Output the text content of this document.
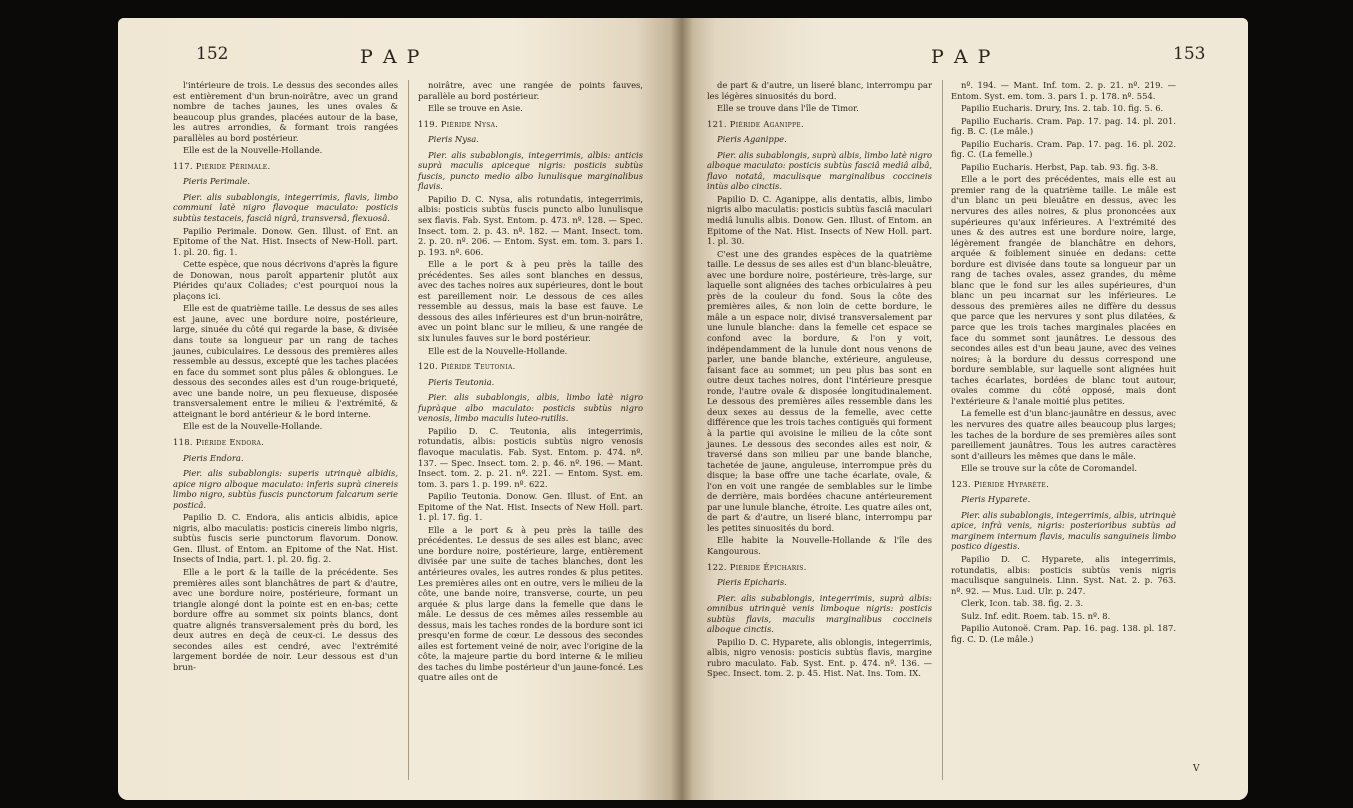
152	P A P

l'intérieure de trois. Le dessus des secondes ailes est entièrement d'un brun-noirâtre, avec un grand nombre de taches jaunes, les unes ovales & beaucoup plus grandes, placées autour de la base, les autres arrondies, & formant trois rangées parallèles au bord postérieur.

Elle est de la Nouvelle-Hollande.

117. Piéride Périmale.

Pieris Perimale.

Pier. alis subablongis, integerrimis, flavis, limbo communi latè nigro flavoque maculato: posticis subtùs testaceis, fasciâ nigrâ, transversâ, flexuosâ.

Papilio Perimale. Donow. Gen. Illust. of Ent. an Epitome of the Nat. Hist. Insects of New-Holl. part. 1. pl. 20. fig. 1.

Cette espèce, que nous décrivons d'après la figure de Donowan, nous paroît appartenir plutôt aux Piérides qu'aux Coliades; c'est pourquoi nous la plaçons ici.

Elle est de quatrième taille. Le dessus de ses ailes est jaune, avec une bordure noire, postérieure, large, sinuée du côté qui regarde la base, & divisée dans toute sa longueur par un rang de taches jaunes, cubiculaires. Le dessous des premières ailes ressemble au dessus, excepté que les taches placées en face du sommet sont plus pâles & oblongues. Le dessous des secondes ailes est d'un rouge-briqueté, avec une bande noire, un peu flexueuse, disposée transversalement entre le milieu & l'extrémité, & atteignant le bord antérieur & le bord interne.

Elle est de la Nouvelle-Hollande.

118. Piéride Endora.

Pieris Endora.

Pier. alis subablongis: superis utrinquè albidis, apice nigro alboque maculato: inferis suprà cinereis limbo nigro, subtùs fuscis punctorum falcarum serie posticâ.

Papilio D. C. Endora, alis anticis albidis, apice nigris, albo maculatis: posticis cinereis limbo nigris, subtùs fuscis serie punctorum flavorum. Donow. Gen. Illust. of Entom. an Epitome of the Nat. Hist. Insects of India, part. 1. pl. 20. fig. 2.

Elle a le port & la taille de la précédente. Ses premières ailes sont blanchâtres de part & d'autre, avec une bordure noire, postérieure, formant un triangle alongé dont la pointe est en en-bas; cette bordure offre au sommet six points blancs, dont quatre alignés transversalement près du bord, les deux autres en deçà de ceux-ci. Le dessus des secondes ailes est cendré, avec l'extrémité largement bordée de noir. Leur dessous est d'un brun-

noirâtre, avec une rangée de points fauves, parallèle au bord postérieur.

Elle se trouve en Asie.

119. Piéride Nysa.

Pieris Nysa.

Pier. alis subablongis, integerrimis, albis: anticis suprà maculis apiceque nigris: posticis subtùs fuscis, puncto medio albo lunulisque marginalibus flavis.

Papilio D. C. Nysa, alis rotundatis, integerrimis, albis: posticis subtùs fuscis puncto albo lunulisque sex flavis. Fab. Syst. Entom. p. 473. nº. 128. — Spec. Insect. tom. 2. p. 43. nº. 182. — Mant. Insect. tom. 2. p. 20. nº. 206. — Entom. Syst. em. tom. 3. pars 1. p. 193. nº. 606.

Elle a le port & à peu près la taille des précédentes. Ses ailes sont blanches en dessus, avec des taches noires aux supérieures, dont le bout est pareillement noir. Le dessous de ces ailes ressemble au dessus, mais la base est fauve. Le dessous des ailes inférieures est d'un brun-noirâtre, avec un point blanc sur le milieu, & une rangée de six lunules fauves sur le bord postérieur.

Elle est de la Nouvelle-Hollande.

120. Piéride Teutonia.

Pieris Teutonia.

Pier. alis subablongis, albis, limbo latè nigro fupràque albo maculato: posticis subtùs nigro venosis, limbo maculis luteo-rutilis.

Papilio D. C. Teutonia, alis integerrimis, rotundatis, albis: posticis subtùs nigro venosis flavoque maculatis. Fab. Syst. Entom. p. 474. nº. 137. — Spec. Insect. tom. 2. p. 46. nº. 196. — Mant. Insect. tom. 2. p. 21. nº. 221. — Entom. Syst. em. tom. 3. pars 1. p. 199. nº. 622.

Papilio Teutonia. Donow. Gen. Illust. of Ent. an Epitome of the Nat. Hist. Insects of New Holl. part. 1. pl. 17. fig. 1.

Elle a le port & à peu près la taille des précédentes. Le dessus de ses ailes est blanc, avec une bordure noire, postérieure, large, entièrement divisée par une suite de taches blanches, dont les antérieures ovales, les autres rondes & plus petites. Les premières ailes ont en outre, vers le milieu de la côte, une bande noire, transverse, courte, un peu arquée & plus large dans la femelle que dans le mâle. Le dessus de ces mêmes ailes ressemble au dessus, mais les taches rondes de la bordure sont ici presqu'en forme de cœur. Le dessous des secondes ailes est fortement veiné de noir, avec l'origine de la côte, la majeure partie du bord interne & le milieu des taches du limbe postérieur d'un jaune-foncé. Les quatre ailes ont de

P A P	153

de part & d'autre, un liseré blanc, interrompu par les légères sinuosités du bord.

Elle se trouve dans l'île de Timor.

121. Piéride Aganippe.

Pieris Aganippe.

Pier. alis subablongis, suprà albis, limbo latè nigro alboque maculato: posticis subtùs fasciâ mediâ albâ, flavo notatâ, maculisque marginalibus coccineis intùs albo cinctis.

Papilio D. C. Aganippe, alis dentatis, albis, limbo nigris albo maculatis: posticis subtùs fasciâ maculari mediâ lunulis albis. Donow. Gen. Illust. of Entom. an Epitome of the Nat. Hist. Insects of New Holl. part. 1. pl. 30.

C'est une des grandes espèces de la quatrième taille. Le dessus de ses ailes est d'un blanc-bleuâtre, avec une bordure noire, postérieure, très-large, sur laquelle sont alignées des taches orbiculaires à peu près de la couleur du fond. Sous la côte des premières ailes, & non loin de cette bordure, le mâle a un espace noir, divisé transversalement par une lunule blanche: dans la femelle cet espace se confond avec la bordure, & l'on y voit, indépendamment de la lunule dont nous venons de parler, une bande blanche, extérieure, anguleuse, faisant face au sommet; un peu plus bas sont en outre deux taches noires, dont l'intérieure presque ronde, l'autre ovale & disposée longitudinalement. Le dessous des premières ailes ressemble dans les deux sexes au dessus de la femelle, avec cette différence que les trois taches contiguës qui forment à la partie qui avoisine le milieu de la côte sont jaunes. Le dessous des secondes ailes est noir, & traversé dans son milieu par une bande blanche, tachetée de jaune, anguleuse, interrompue près du disque; la base offre une tache écarlate, ovale, & l'on en voit une rangée de semblables sur le limbe de derrière, mais bordées chacune antérieurement par une lunule blanche, étroite. Les quatre ailes ont, de part & d'autre, un liseré blanc, interrompu par les petites sinuosités du bord.

Elle habite la Nouvelle-Hollande & l'île des Kangourous.

122. Piéride Épicharis.

Pieris Epicharis.

Pier. alis subablongis, integerrimis, suprà albis: omnibus utrinquè venis limboque nigris: posticis subtùs flavis, maculis marginalibus coccineis alboque cinctis.

Papilio D. C. Hyparete, alis oblongis, integerrimis, albis, nigro venosis: posticis subtùs flavis, margine rubro maculato. Fab. Syst. Ent. p. 474. nº. 136. — Spec. Insect. tom. 2. p. 45. Hist. Nat. Ins. Tom. IX.

nº. 194. — Mant. Inf. tom. 2. p. 21. nº. 219. — Entom. Syst. em. tom. 3. pars 1. p. 178. nº. 554.

Papilio Eucharis. Drury, Ins. 2. tab. 10. fig. 5. 6.

Papilio Eucharis. Cram. Pap. 17. pag. 14. pl. 201. fig. B. C. (Le mâle.)

Papilio Eucharis. Cram. Pap. 17. pag. 16. pl. 202. fig. C. (La femelle.)

Papilio Eucharis. Herbst, Pap. tab. 93. fig. 3-8.

Elle a le port des précédentes, mais elle est au premier rang de la quatrième taille. Le mâle est d'un blanc un peu bleuâtre en dessus, avec les nervures des ailes noires, & plus prononcées aux supérieures qu'aux inférieures. A l'extrémité des unes & des autres est une bordure noire, large, légèrement frangée de blanchâtre en dehors, arquée & foiblement sinuée en dedans: cette bordure est divisée dans toute sa longueur par un rang de taches ovales, assez grandes, du même blanc que le fond sur les ailes supérieures, d'un blanc un peu incarnat sur les inférieures. Le dessous des premières ailes ne diffère du dessus que parce que les nervures y sont plus dilatées, & parce que les trois taches marginales placées en face du sommet sont jaunâtres. Le dessous des secondes ailes est d'un beau jaune, avec des veines noires; à la bordure du dessus correspond une bordure semblable, sur laquelle sont alignées huit taches écarlates, bordées de blanc tout autour, ovales comme du côté opposé, mais dont l'extérieure & l'anale moitié plus petites.

La femelle est d'un blanc-jaunâtre en dessus, avec les nervures des quatre ailes beaucoup plus larges; les taches de la bordure de ses premières ailes sont pareillement jaunâtres. Tous les autres caractères sont d'ailleurs les mêmes que dans le mâle.

Elle se trouve sur la côte de Coromandel.

123. Piéride Hyparète.

Pieris Hyparete.

Pier. alis subablongis, integerrimis, albis, utrinquè apice, infrà venis, nigris: posterioribus subtùs ad marginem internum flavis, maculis sanguineis limbo postico digestis.

Papilio D. C. Hyparete, alis integerrimis, rotundatis, albis: posticis subtùs venis nigris maculisque sanguineis. Linn. Syst. Nat. 2. p. 763. nº. 92. — Mus. Lud. Ulr. p. 247.

Clerk, Icon. tab. 38. fig. 2. 3.

Sulz. Inf. edit. Roem. tab. 15. nº. 8.

Papilio Autonoë. Cram. Pap. 16. pag. 138. pl. 187. fig. C. D. (Le mâle.)

V
